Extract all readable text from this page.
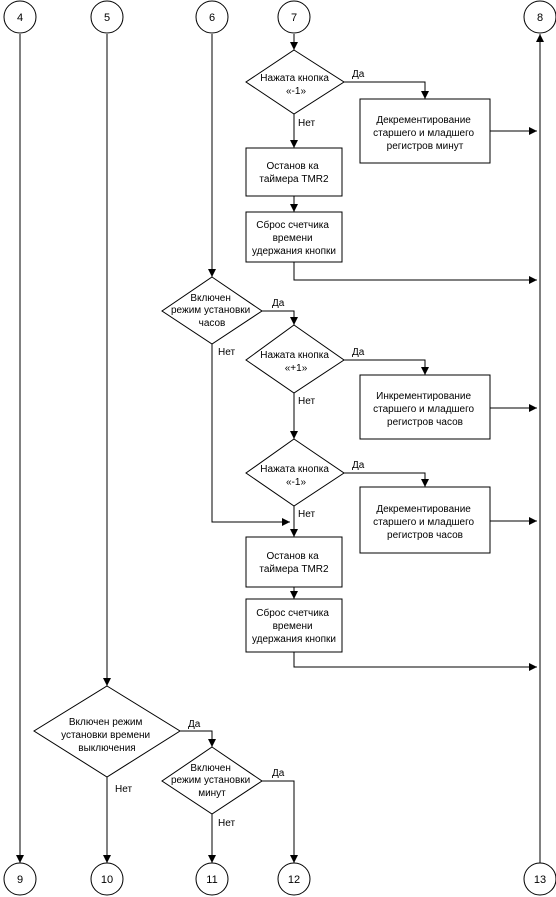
4	5	6	7	8
9	10	11	12	13
Нажата кнопка «-1»
Включен режим установки часов
Нажата кнопка «+1»
Нажата кнопка «-1»
Включен режим установки времени выключения
Включен режим установки минут
Декрементирование старшего и младшего регистров минут
Останов ка таймера TMR2
Сброс счетчика времени удержания кнопки
Инкрементирование старшего и младшего регистров часов
Декрементирование старшего и младшего регистров часов
Останов ка таймера TMR2
Сброс счетчика времени удержания кнопки
Да
Нет
Да
Нет	Да
Нет
Да
Нет
Да
Нет
Да
Нет
